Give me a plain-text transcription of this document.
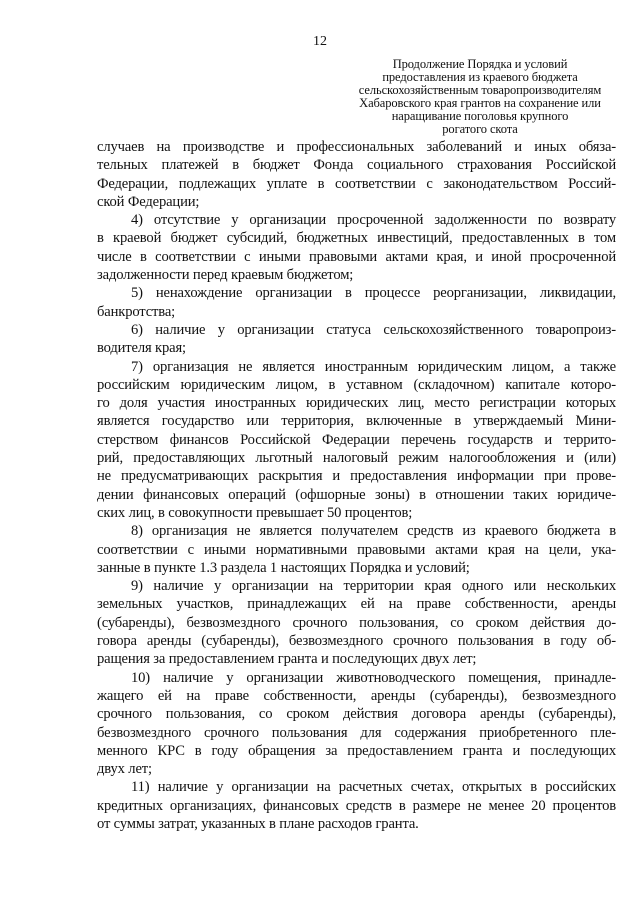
12
Продолжение Порядка и условий
предоставления из краевого бюджета
сельскохозяйственным товаропроизводителям
Хабаровского края грантов на сохранение или
наращивание поголовья крупного
рогатого скота
случаев на производстве и профессиональных заболеваний и иных обяза-
тельных платежей в бюджет Фонда социального страхования Российской
Федерации, подлежащих уплате в соответствии с законодательством Россий-
ской Федерации;
4) отсутствие у организации просроченной задолженности по возврату
в краевой бюджет субсидий, бюджетных инвестиций, предоставленных в том
числе в соответствии с иными правовыми актами края, и иной просроченной
задолженности перед краевым бюджетом;
5) ненахождение организации в процессе реорганизации, ликвидации,
банкротства;
6) наличие у организации статуса сельскохозяйственного товаропроиз-
водителя края;
7) организация не является иностранным юридическим лицом, а также
российским юридическим лицом, в уставном (складочном) капитале которо-
го доля участия иностранных юридических лиц, место регистрации которых
является государство или территория, включенные в утверждаемый Мини-
стерством финансов Российской Федерации перечень государств и террито-
рий, предоставляющих льготный налоговый режим налогообложения и (или)
не предусматривающих раскрытия и предоставления информации при прове-
дении финансовых операций (офшорные зоны) в отношении таких юридиче-
ских лиц, в совокупности превышает 50 процентов;
8) организация не является получателем средств из краевого бюджета в
соответствии с иными нормативными правовыми актами края на цели, ука-
занные в пункте 1.3 раздела 1 настоящих Порядка и условий;
9) наличие у организации на территории края одного или нескольких
земельных участков, принадлежащих ей на праве собственности, аренды
(субаренды), безвозмездного срочного пользования, со сроком действия до-
говора аренды (субаренды), безвозмездного срочного пользования в году об-
ращения за предоставлением гранта и последующих двух лет;
10) наличие у организации животноводческого помещения, принадле-
жащего ей на праве собственности, аренды (субаренды), безвозмездного
срочного пользования, со сроком действия договора аренды (субаренды),
безвозмездного срочного пользования для содержания приобретенного пле-
менного КРС в году обращения за предоставлением гранта и последующих
двух лет;
11) наличие у организации на расчетных счетах, открытых в российских
кредитных организациях, финансовых средств в размере не менее 20 процентов
от суммы затрат, указанных в плане расходов гранта.
